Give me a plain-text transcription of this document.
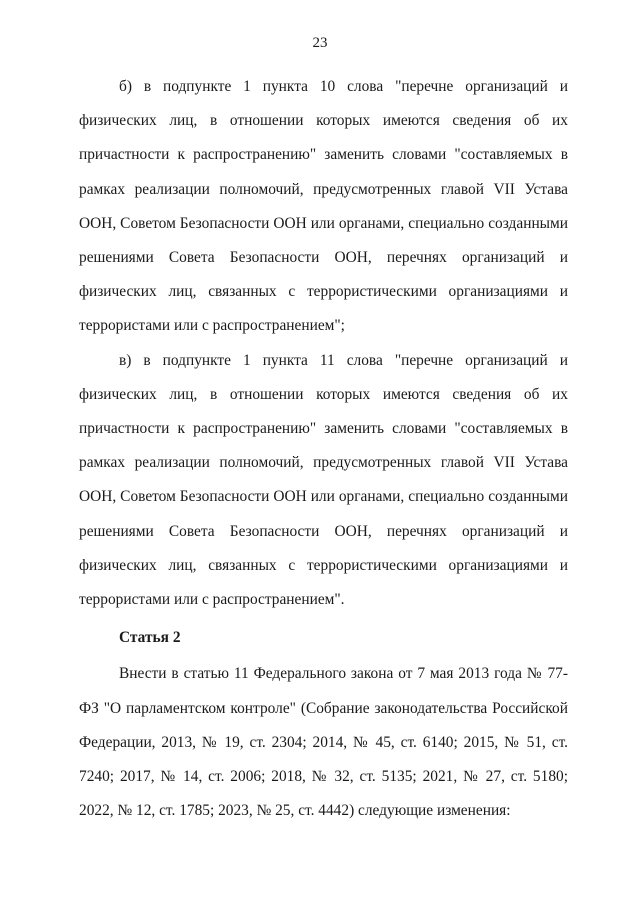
23

б) в подпункте 1 пункта 10 слова "перечне организаций и физических лиц, в отношении которых имеются сведения об их причастности к распространению" заменить словами "составляемых в рамках реализации полномочий, предусмотренных главой VII Устава ООН, Советом Безопасности ООН или органами, специально созданными решениями Совета Безопасности ООН, перечнях организаций и физических лиц, связанных с террористическими организациями и террористами или с распространением";

в) в подпункте 1 пункта 11 слова "перечне организаций и физических лиц, в отношении которых имеются сведения об их причастности к распространению" заменить словами "составляемых в рамках реализации полномочий, предусмотренных главой VII Устава ООН, Советом Безопасности ООН или органами, специально созданными решениями Совета Безопасности ООН, перечнях организаций и физических лиц, связанных с террористическими организациями и террористами или с распространением".

Статья 2

Внести в статью 11 Федерального закона от 7 мая 2013 года № 77-ФЗ "О парламентском контроле" (Собрание законодательства Российской Федерации, 2013, № 19, ст. 2304; 2014, № 45, ст. 6140; 2015, № 51, ст. 7240; 2017, № 14, ст. 2006; 2018, № 32, ст. 5135; 2021, № 27, ст. 5180; 2022, № 12, ст. 1785; 2023, № 25, ст. 4442) следующие изменения:
